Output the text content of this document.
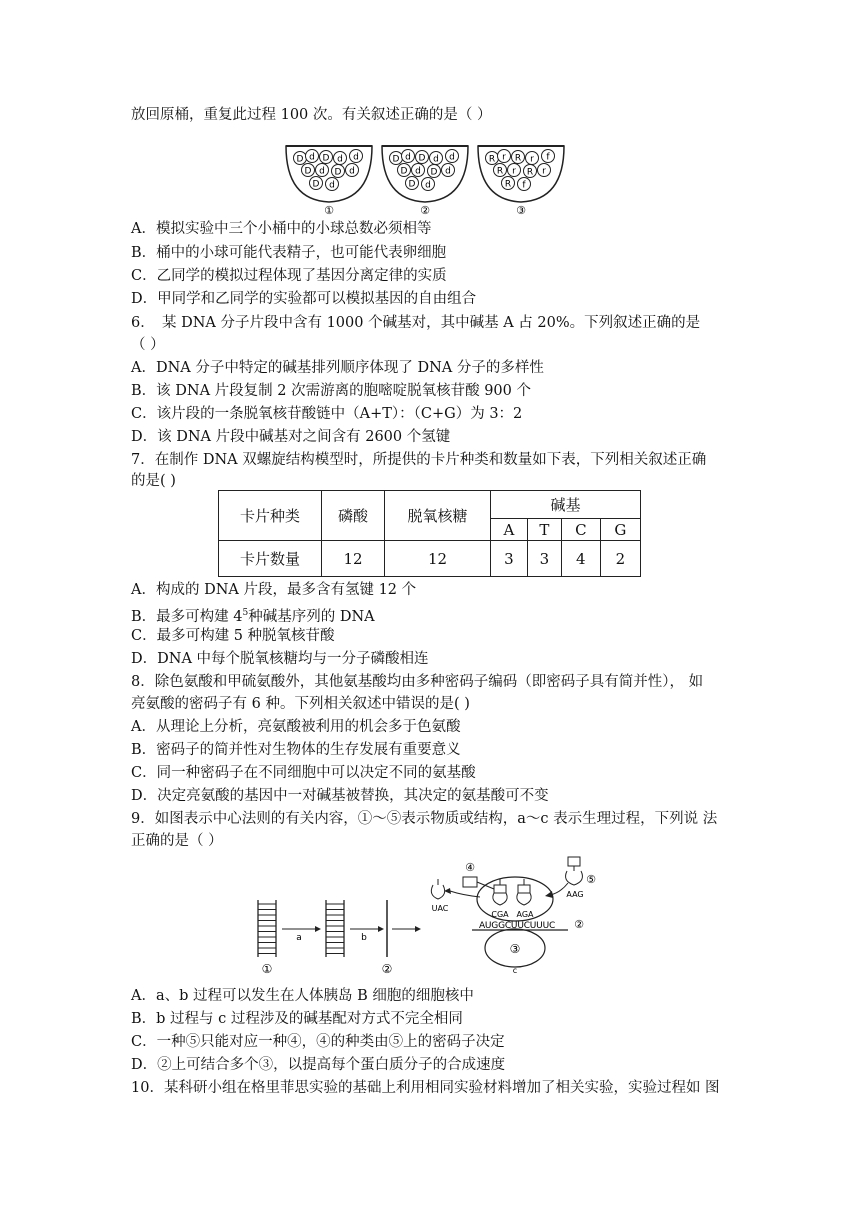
放回原桶，重复此过程 100 次。有关叙述正确的是（ ）
D d D d d
D d D d
D d
①
D d D d d
D d D d
D d
②
R r R r f
R r R r
R f
③
A．模拟实验中三个小桶中的小球总数必须相等
B．桶中的小球可能代表精子，也可能代表卵细胞
C．乙同学的模拟过程体现了基因分离定律的实质
D．甲同学和乙同学的实验都可以模拟基因的自由组合
6．　某 DNA 分子片段中含有 1000 个碱基对，其中碱基 A 占 20%。下列叙述正确的是
（ ）
A．DNA 分子中特定的碱基排列顺序体现了 DNA 分子的多样性
B．该 DNA 片段复制 2 次需游离的胞嘧啶脱氧核苷酸 900 个
C．该片段的一条脱氧核苷酸链中（A+T）：（C+G）为 3：2
D．该 DNA 片段中碱基对之间含有 2600 个氢键
7．在制作 DNA 双螺旋结构模型时，所提供的卡片种类和数量如下表，下列相关叙述正确
的是( )
卡片种类	磷酸	脱氧核糖	碱基			
			A	T	C	G
卡片数量	12	12	3	3	4	2
A．构成的 DNA 片段，最多含有氢键 12 个
B．最多可构建 $4^5$种碱基序列的 DNA
C．最多可构建 5 种脱氧核苷酸
D．DNA 中每个脱氧核糖均与一分子磷酸相连
8．除色氨酸和甲硫氨酸外，其他氨基酸均由多种密码子编码（即密码子具有简并性）， 如
亮氨酸的密码子有 6 种。下列相关叙述中错误的是( )
A．从理论上分析，亮氨酸被利用的机会多于色氨酸
B．密码子的简并性对生物体的生存发展有重要意义
C．同一种密码子在不同细胞中可以决定不同的氨基酸
D．决定亮氨酸的基因中一对碱基被替换，其决定的氨基酸可不变
9．如图表示中心法则的有关内容，①～⑤表示物质或结构，a～c 表示生理过程，下列说 法
正确的是（ ）
a	b
①	②
③
c
AUGGCUUCUUUC ②
CGA AGA
④
UAC
⑤
AAG
A．a、b 过程可以发生在人体胰岛 B 细胞的细胞核中
B．b 过程与 c 过程涉及的碱基配对方式不完全相同
C．一种⑤只能对应一种④，④的种类由⑤上的密码子决定
D．②上可结合多个③，以提高每个蛋白质分子的合成速度
10．某科研小组在格里菲思实验的基础上利用相同实验材料增加了相关实验，实验过程如 图
